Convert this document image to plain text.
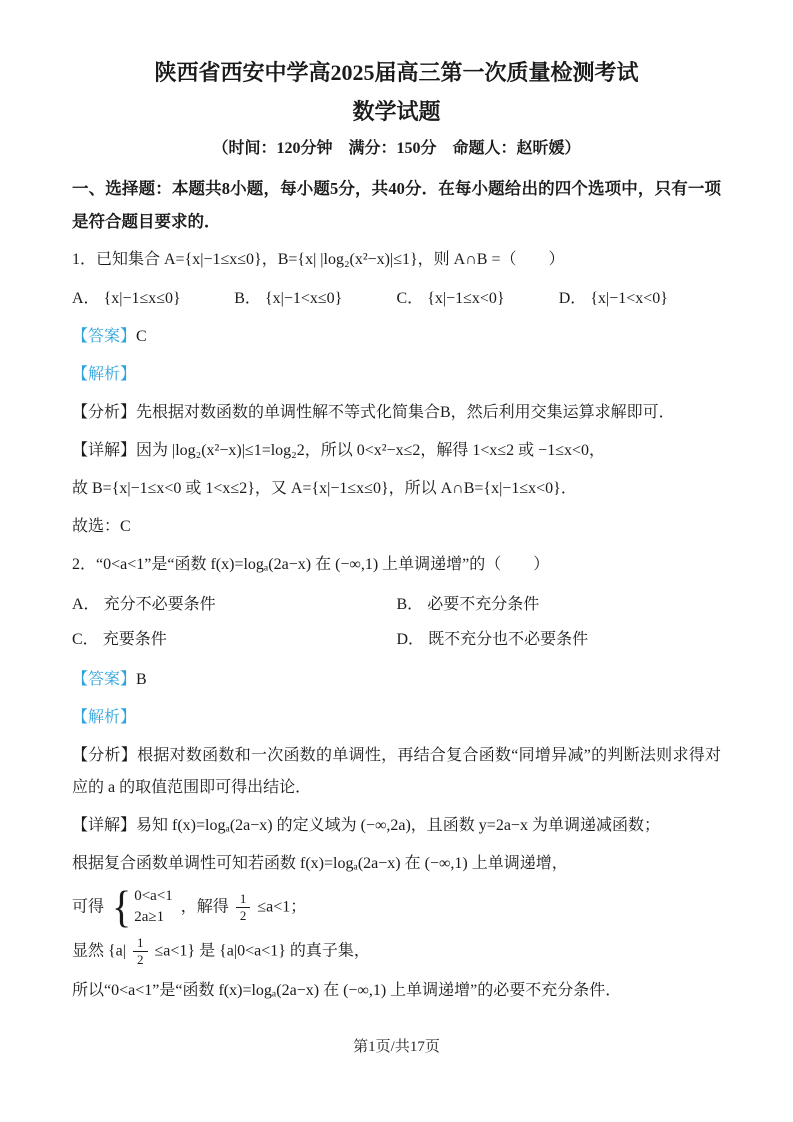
陕西省西安中学高2025届高三第一次质量检测考试
数学试题
（时间：120分钟　满分：150分　命题人：赵昕媛）
一、选择题：本题共8小题，每小题5分，共40分．在每小题给出的四个选项中，只有一项是符合题目要求的．

1．已知集合 A={x|−1≤x≤0}，B={x| |log₂(x²−x)|≤1}，则 A∩B =（　　）

A． {x|−1≤x≤0}	B． {x|−1<x≤0}	C． {x|−1≤x<0}	D． {x|−1<x<0}

【答案】C

【解析】

【分析】先根据对数函数的单调性解不等式化简集合B，然后利用交集运算求解即可．

【详解】因为 |log₂(x²−x)|≤1=log₂2，所以 0<x²−x≤2，解得 1<x≤2 或 −1≤x<0，

故 B={x|−1≤x<0 或 1<x≤2}，又 A={x|−1≤x≤0}，所以 A∩B={x|−1≤x<0}．

故选：C

2．“0<a<1”是“函数 f(x)=logₐ(2a−x) 在 (−∞,1) 上单调递增”的（　　）

A． 充分不必要条件	B． 必要不充分条件
C． 充要条件	D． 既不充分也不必要条件

【答案】B

【解析】

【分析】根据对数函数和一次函数的单调性，再结合复合函数“同增异减”的判断法则求得对应的 a 的取值范围即可得出结论．

【详解】易知 f(x)=logₐ(2a−x) 的定义域为 (−∞,2a)，且函数 y=2a−x 为单调递减函数；

根据复合函数单调性可知若函数 f(x)=logₐ(2a−x) 在 (−∞,1) 上单调递增，

可得 { 0<a<1
2a≥1
，解得 $\frac{1}{2} \le a<1$；

显然 $\{a| \frac{1}{2} \le a<1\}$ 是 {a|0<a<1} 的真子集，

所以“0<a<1”是“函数 f(x)=logₐ(2a−x) 在 (−∞,1) 上单调递增”的必要不充分条件．

第1页/共17页
